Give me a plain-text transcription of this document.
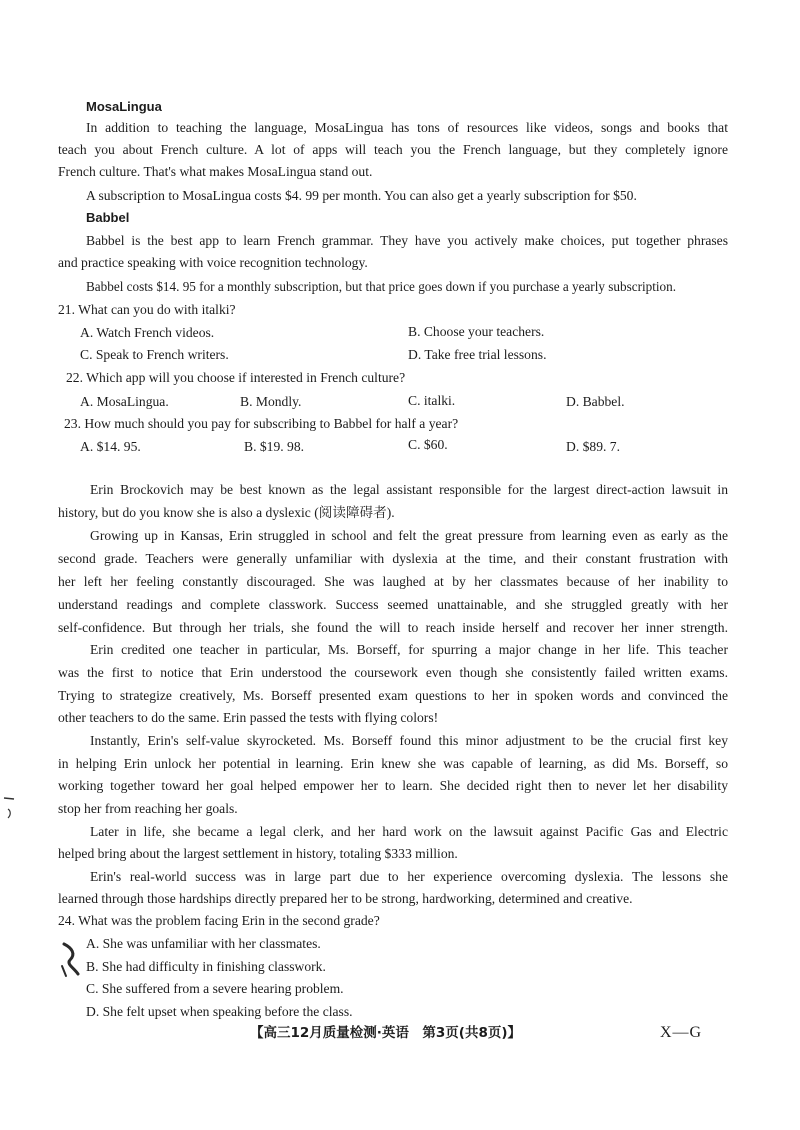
MosaLingua
In addition to teaching the language, MosaLingua has tons of resources like videos, songs and books that
teach you about French culture. A lot of apps will teach you the French language, but they completely ignore
French culture. That's what makes MosaLingua stand out.
A subscription to MosaLingua costs $4. 99 per month. You can also get a yearly subscription for $50.
Babbel
Babbel is the best app to learn French grammar. They have you actively make choices, put together phrases
and practice speaking with voice recognition technology.
Babbel costs $14. 95 for a monthly subscription, but that price goes down if you purchase a yearly subscription.
21. What can you do with italki?
A. Watch French videos.	B. Choose your teachers.
C. Speak to French writers.	D. Take free trial lessons.
22. Which app will you choose if interested in French culture?
A. MosaLingua.	B. Mondly.	C. italki.	D. Babbel.
23. How much should you pay for subscribing to Babbel for half a year?
A. $14. 95.	B. $19. 98.	C. $60.	D. $89. 7.
Erin Brockovich may be best known as the legal assistant responsible for the largest direct-action lawsuit in
history, but do you know she is also a dyslexic (阅读障碍者).
Growing up in Kansas, Erin struggled in school and felt the great pressure from learning even as early as the
second grade. Teachers were generally unfamiliar with dyslexia at the time, and their constant frustration with
her left her feeling constantly discouraged. She was laughed at by her classmates because of her inability to
understand readings and complete classwork. Success seemed unattainable, and she struggled greatly with her
self-confidence. But through her trials, she found the will to reach inside herself and recover her inner strength.
Erin credited one teacher in particular, Ms. Borseff, for spurring a major change in her life. This teacher
was the first to notice that Erin understood the coursework even though she consistently failed written exams.
Trying to strategize creatively, Ms. Borseff presented exam questions to her in spoken words and convinced the
other teachers to do the same. Erin passed the tests with flying colors!
Instantly, Erin's self-value skyrocketed. Ms. Borseff found this minor adjustment to be the crucial first key
in helping Erin unlock her potential in learning. Erin knew she was capable of learning, as did Ms. Borseff, so
working together toward her goal helped empower her to learn. She decided right then to never let her disability
stop her from reaching her goals.
Later in life, she became a legal clerk, and her hard work on the lawsuit against Pacific Gas and Electric
helped bring about the largest settlement in history, totaling $333 million.
Erin's real-world success was in large part due to her experience overcoming dyslexia. The lessons she
learned through those hardships directly prepared her to be strong, hardworking, determined and creative.
24. What was the problem facing Erin in the second grade?
A. She was unfamiliar with her classmates.
B. She had difficulty in finishing classwork.
C. She suffered from a severe hearing problem.
D. She felt upset when speaking before the class.
【高三12月质量检测·英语　第3页(共8页)】	X—G
